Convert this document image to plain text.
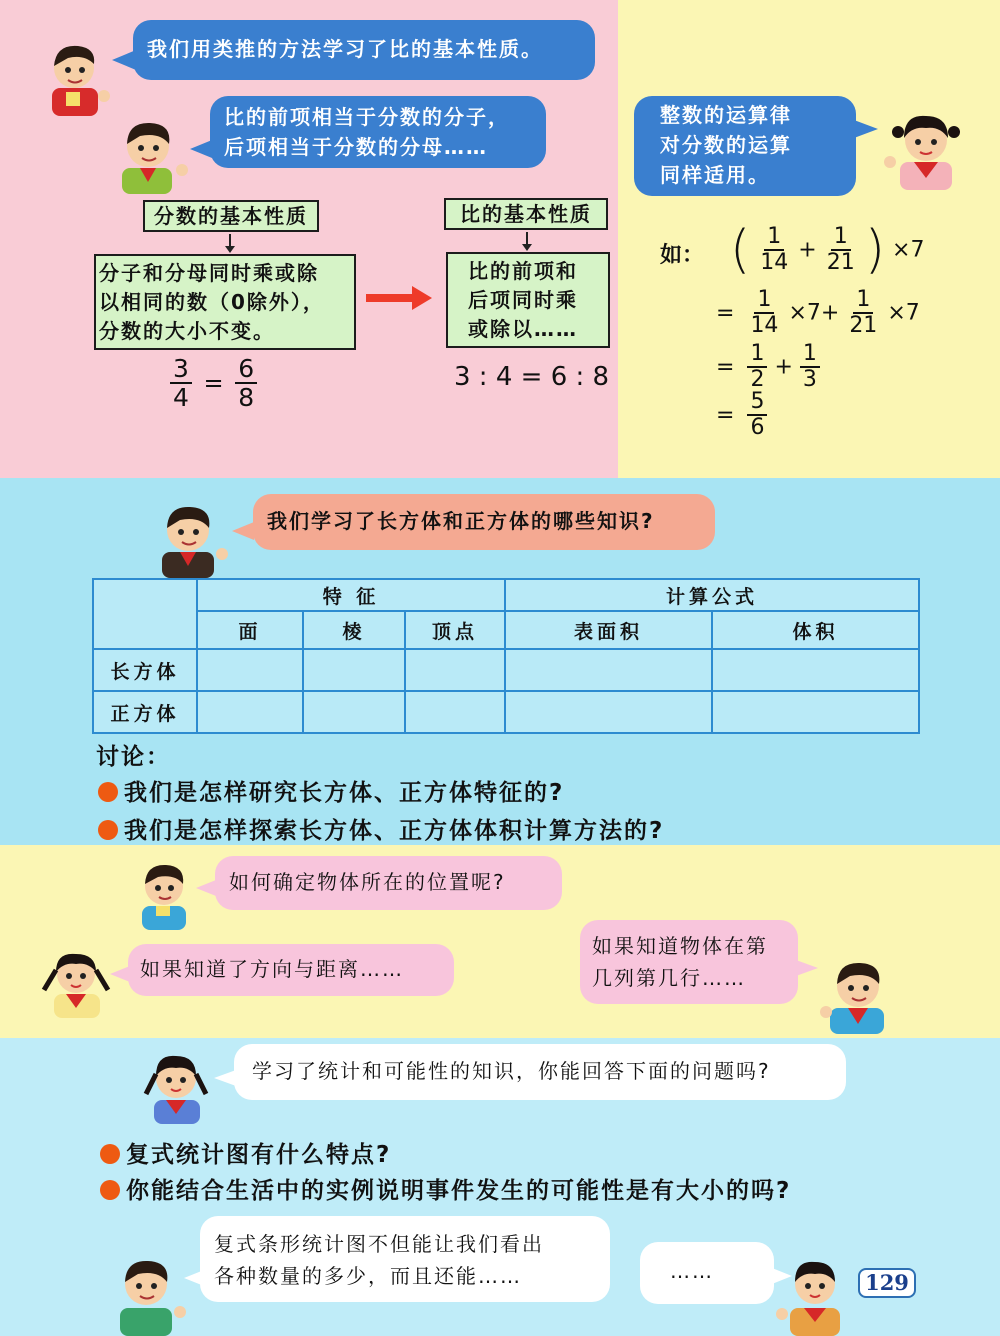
我们用类推的方法学习了比的基本性质。
比的前项相当于分数的分子，
后项相当于分数的分母……
分数的基本性质
分子和分母同时乘或除
以相同的数（0除外），
分数的大小不变。
$\frac{3}{4} = \frac{6}{8}$
比的基本性质
比的前项和
后项同时乘
或除以……
3 : 4 = 6 : 8
整数的运算律
对分数的运算
同样适用。
如： ( $\frac{1}{14} + \frac{1}{21}$ ) ×7
= $\frac{1}{14} \times 7+ \frac{1}{21} \times 7$
= $\frac{1}{2} + \frac{1}{3}$
= $\frac{5}{6}$
我们学习了长方体和正方体的哪些知识?
	特 征			计算公式	
	面	棱	顶点	表面积	体积
长方体					
正方体					
讨论：
我们是怎样研究长方体、正方体特征的?
我们是怎样探索长方体、正方体体积计算方法的?
如何确定物体所在的位置呢?
如果知道了方向与距离……
如果知道物体在第
几列第几行……
学习了统计和可能性的知识，你能回答下面的问题吗?
复式统计图有什么特点?
你能结合生活中的实例说明事件发生的可能性是有大小的吗?
复式条形统计图不但能让我们看出
各种数量的多少，而且还能……	……	129
